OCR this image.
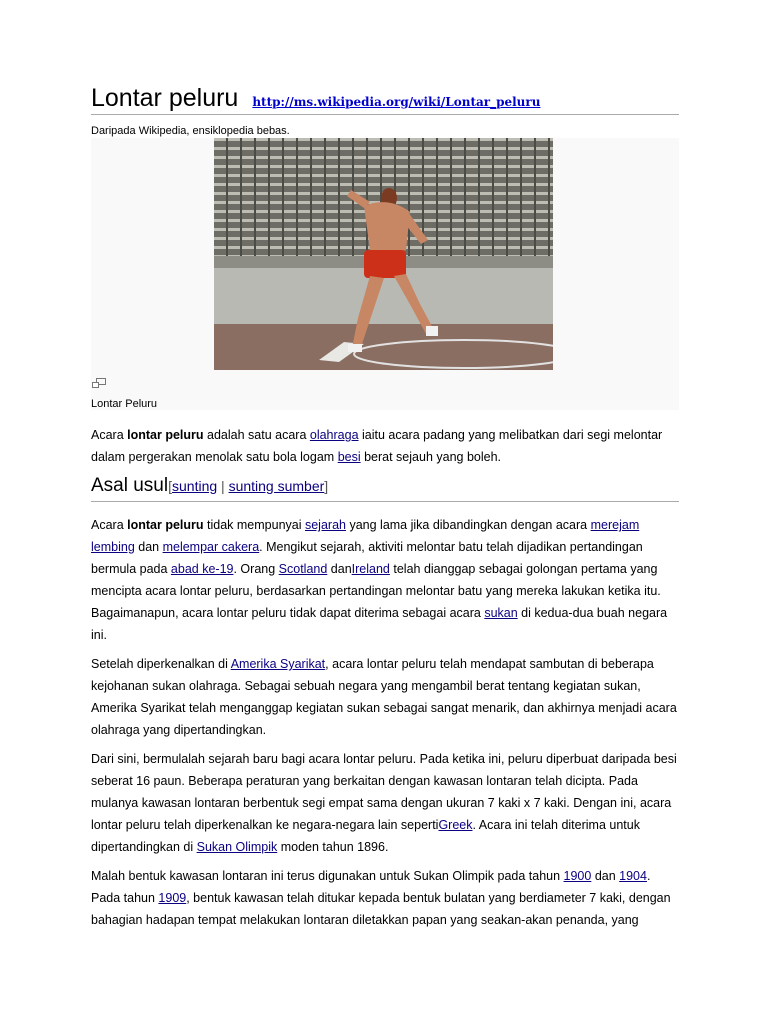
Lontar peluru http://ms.wikipedia.org/wiki/Lontar_peluru
Daripada Wikipedia, ensiklopedia bebas.
Lontar Peluru

Acara lontar peluru adalah satu acara olahraga iaitu acara padang yang melibatkan dari segi melontar dalam pergerakan menolak satu bola logam besi berat sejauh yang boleh.

Asal usul [sunting | sunting sumber]

Acara lontar peluru tidak mempunyai sejarah yang lama jika dibandingkan dengan acara merejam lembing dan melempar cakera. Mengikut sejarah, aktiviti melontar batu telah dijadikan pertandingan bermula pada abad ke-19. Orang Scotland danIreland telah dianggap sebagai golongan pertama yang mencipta acara lontar peluru, berdasarkan pertandingan melontar batu yang mereka lakukan ketika itu. Bagaimanapun, acara lontar peluru tidak dapat diterima sebagai acara sukan di kedua-dua buah negara ini.

Setelah diperkenalkan di Amerika Syarikat, acara lontar peluru telah mendapat sambutan di beberapa kejohanan sukan olahraga. Sebagai sebuah negara yang mengambil berat tentang kegiatan sukan, Amerika Syarikat telah menganggap kegiatan sukan sebagai sangat menarik, dan akhirnya menjadi acara olahraga yang dipertandingkan.

Dari sini, bermulalah sejarah baru bagi acara lontar peluru. Pada ketika ini, peluru diperbuat daripada besi seberat 16 paun. Beberapa peraturan yang berkaitan dengan kawasan lontaran telah dicipta. Pada mulanya kawasan lontaran berbentuk segi empat sama dengan ukuran 7 kaki x 7 kaki. Dengan ini, acara lontar peluru telah diperkenalkan ke negara-negara lain sepertiGreek. Acara ini telah diterima untuk dipertandingkan di Sukan Olimpik moden tahun 1896.

Malah bentuk kawasan lontaran ini terus digunakan untuk Sukan Olimpik pada tahun 1900 dan 1904. Pada tahun 1909, bentuk kawasan telah ditukar kepada bentuk bulatan yang berdiameter 7 kaki, dengan bahagian hadapan tempat melakukan lontaran diletakkan papan yang seakan-akan penanda, yang
